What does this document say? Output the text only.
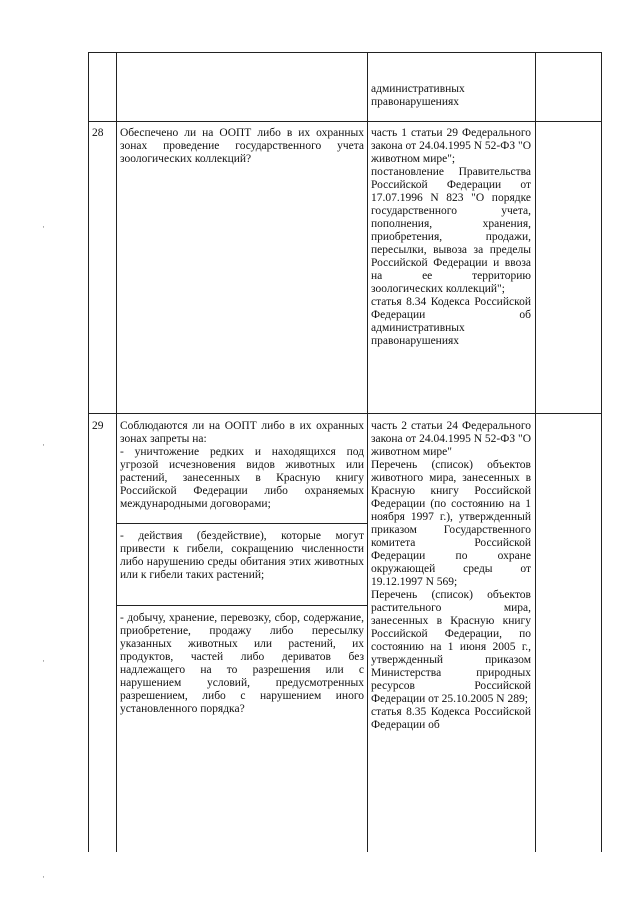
административных правонарушениях

28 Обеспечено ли на ООПТ либо в их охранных зонах проведение государственного учета зоологических коллекций?

часть 1 статьи 29 Федерального закона от 24.04.1995 N 52-ФЗ "О животном мире";

постановление Правительства Российской Федерации от 17.07.1996 N 823 "О порядке государственного учета, пополнения, хранения, приобретения, продажи, пересылки, вывоза за пределы Российской Федерации и ввоза на ее территорию зоологических коллекций";

статья 8.34 Кодекса Российской Федерации об административных правонарушениях

29 Соблюдаются ли на ООПТ либо в их охранных зонах запреты на:

- уничтожение редких и находящихся под угрозой исчезновения видов животных или растений, занесенных в Красную книгу Российской Федерации либо охраняемых международными договорами;

- действия (бездействие), которые могут привести к гибели, сокращению численности либо нарушению среды обитания этих животных или к гибели таких растений;

- добычу, хранение, перевозку, сбор, содержание, приобретение, продажу либо пересылку указанных животных или растений, их продуктов, частей либо дериватов без надлежащего на то разрешения или с нарушением условий, предусмотренных разрешением, либо с нарушением иного установленного порядка?

часть 2 статьи 24 Федерального закона от 24.04.1995 N 52-ФЗ "О животном мире"

Перечень (список) объектов животного мира, занесенных в Красную книгу Российской Федерации (по состоянию на 1 ноября 1997 г.), утвержденный приказом Государственного комитета Российской Федерации по охране окружающей среды от 19.12.1997 N 569;

Перечень (список) объектов растительного мира, занесенных в Красную книгу Российской Федерации, по состоянию на 1 июня 2005 г., утвержденный приказом Министерства природных ресурсов Российской Федерации от 25.10.2005 N 289;

статья 8.35 Кодекса Российской Федерации об

·
·
·
·
